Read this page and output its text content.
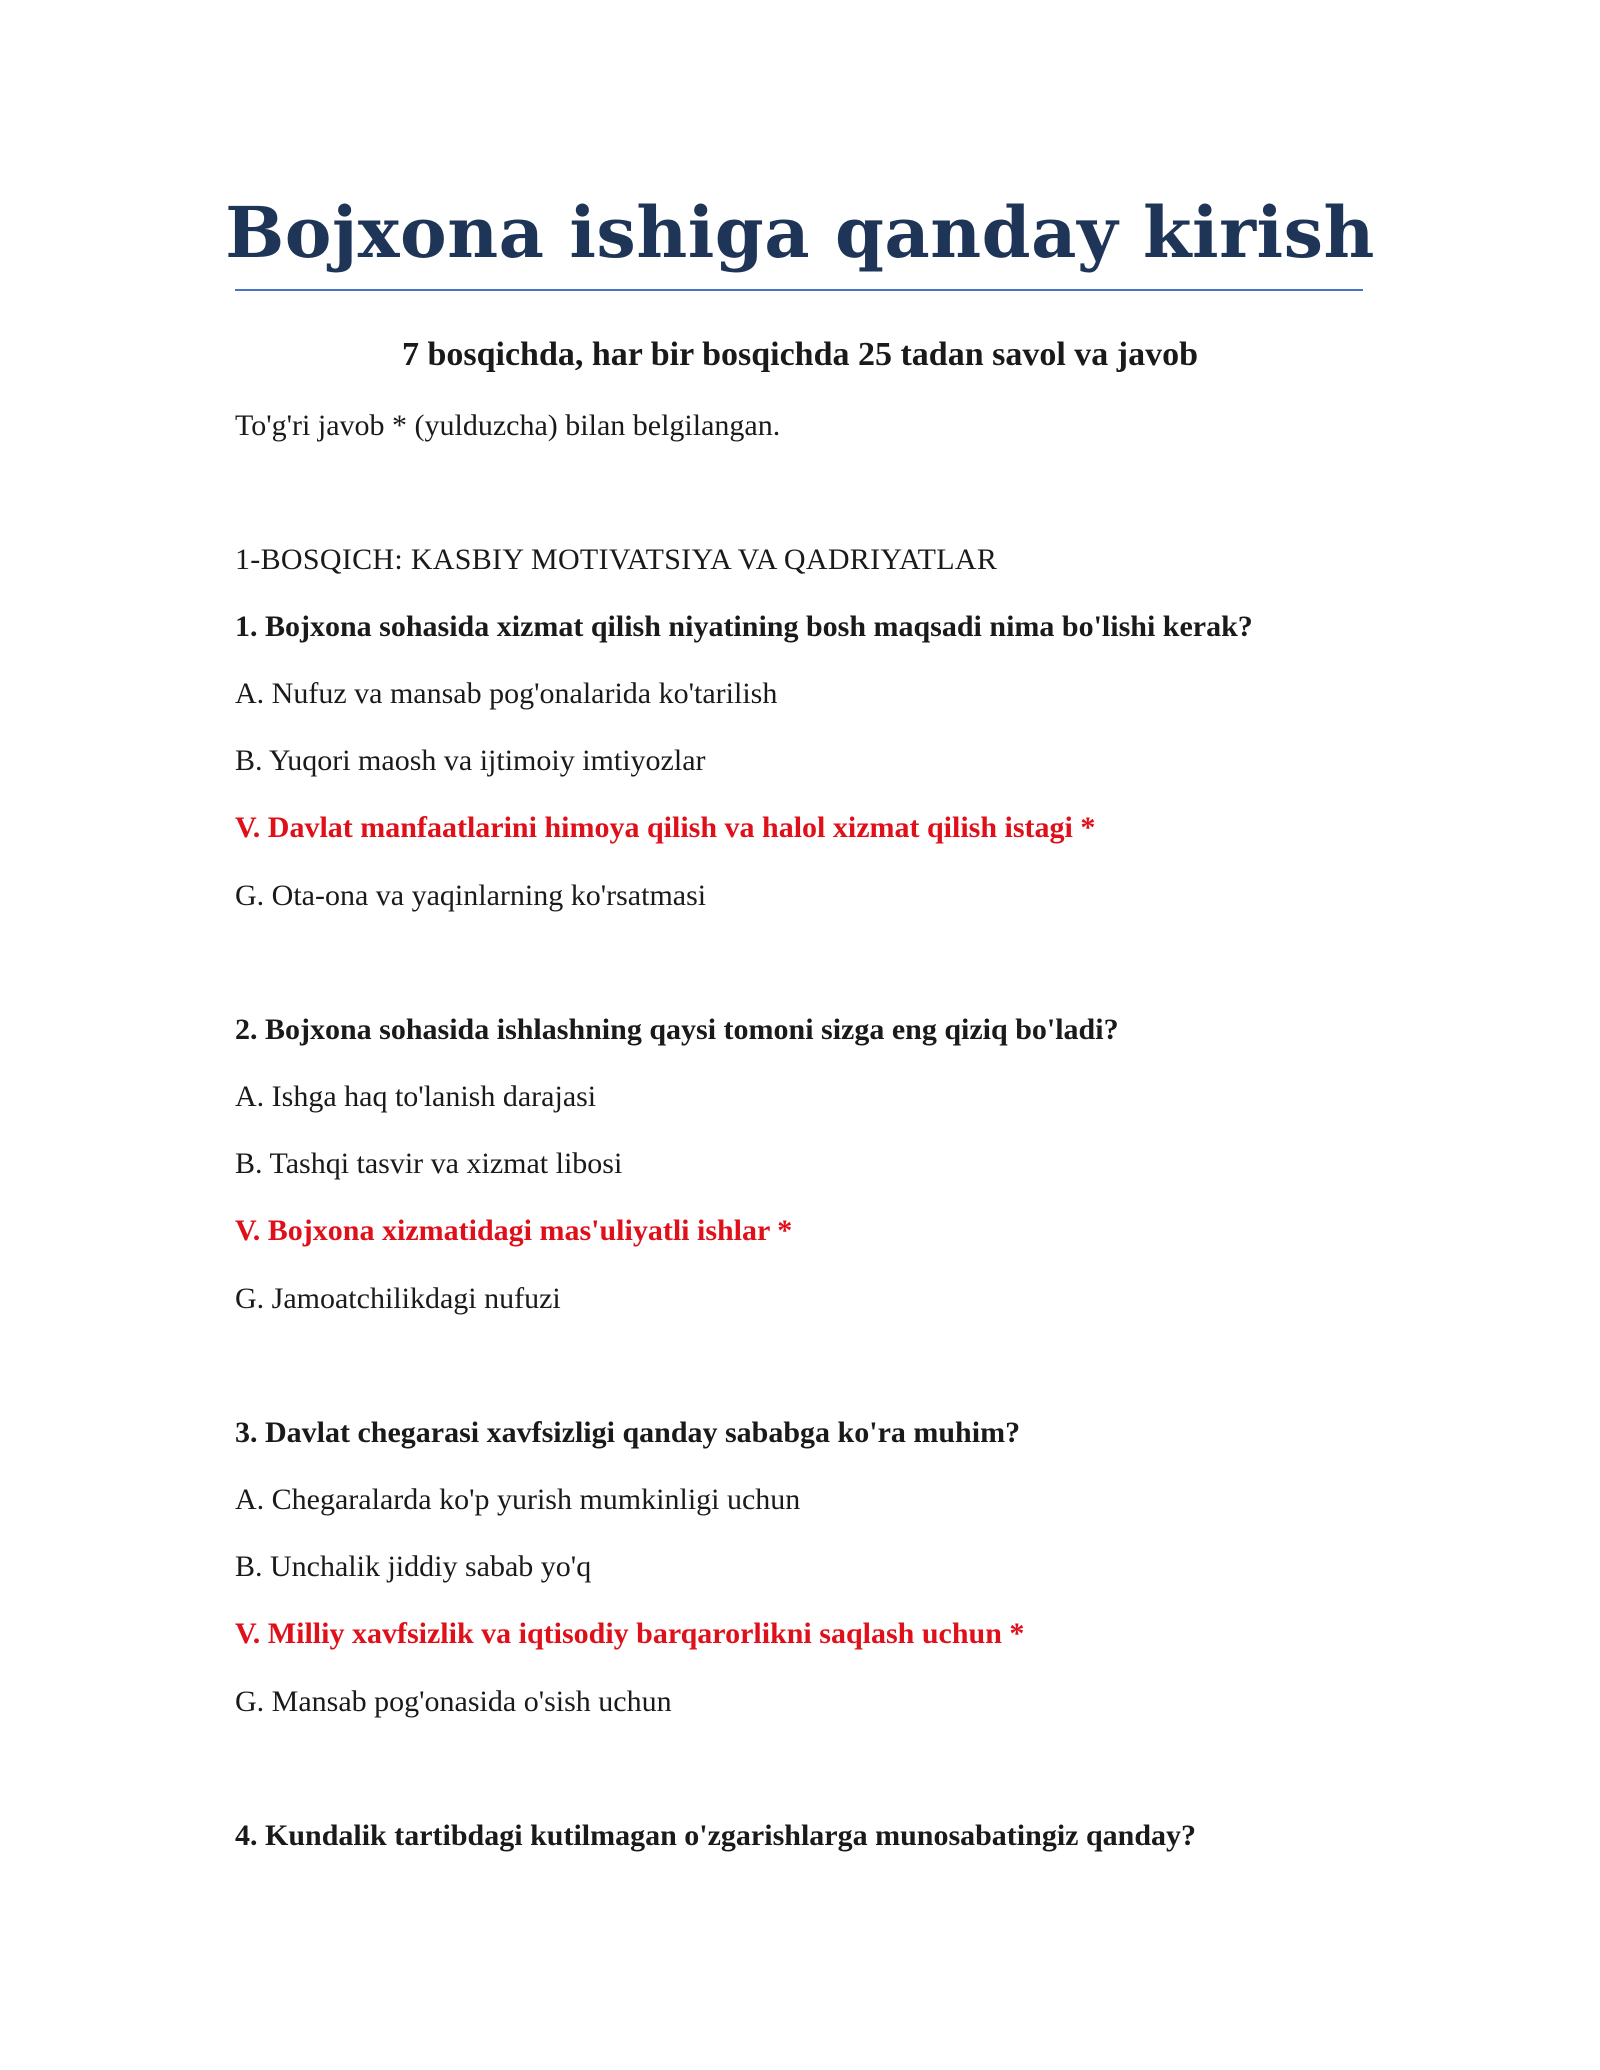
Bojxona ishiga qanday kirish
7 bosqichda, har bir bosqichda 25 tadan savol va javob
To'g'ri javob * (yulduzcha) bilan belgilangan.
1-BOSQICH: KASBIY MOTIVATSIYA VA QADRIYATLAR
1. Bojxona sohasida xizmat qilish niyatining bosh maqsadi nima bo'lishi kerak?
A. Nufuz va mansab pog'onalarida ko'tarilish
B. Yuqori maosh va ijtimoiy imtiyozlar
V. Davlat manfaatlarini himoya qilish va halol xizmat qilish istagi *
G. Ota-ona va yaqinlarning ko'rsatmasi
2. Bojxona sohasida ishlashning qaysi tomoni sizga eng qiziq bo'ladi?
A. Ishga haq to'lanish darajasi
B. Tashqi tasvir va xizmat libosi
V. Bojxona xizmatidagi mas'uliyatli ishlar *
G. Jamoatchilikdagi nufuzi
3. Davlat chegarasi xavfsizligi qanday sababga ko'ra muhim?
A. Chegaralarda ko'p yurish mumkinligi uchun
B. Unchalik jiddiy sabab yo'q
V. Milliy xavfsizlik va iqtisodiy barqarorlikni saqlash uchun *
G. Mansab pog'onasida o'sish uchun
4. Kundalik tartibdagi kutilmagan o'zgarishlarga munosabatingiz qanday?
